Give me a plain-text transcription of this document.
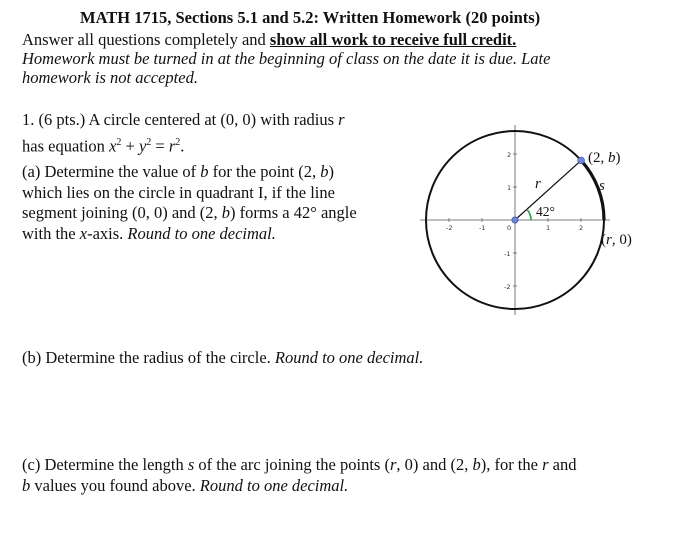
MATH 1715, Sections 5.1 and 5.2: Written Homework (20 points)
Answer all questions completely and show all work to receive full credit.
Homework must be turned in at the beginning of class on the date it is due. Late
homework is not accepted.
1. (6 pts.) A circle centered at (0, 0) with radius r
has equation $x^2 + y^2 = r^2$.
(a) Determine the value of b for the point (2, b)
which lies on the circle in quadrant I, if the line
segment joining (0, 0) and (2, b) forms a 42° angle
with the x-axis. Round to one decimal.
(b) Determine the radius of the circle. Round to one decimal.
(c) Determine the length s of the arc joining the points (r, 0) and (2, b), for the r and
b values you found above. Round to one decimal.
-2	-1	0	1	2
2
1
-1
-2
(2, b)
s
r
42°
(r, 0)
